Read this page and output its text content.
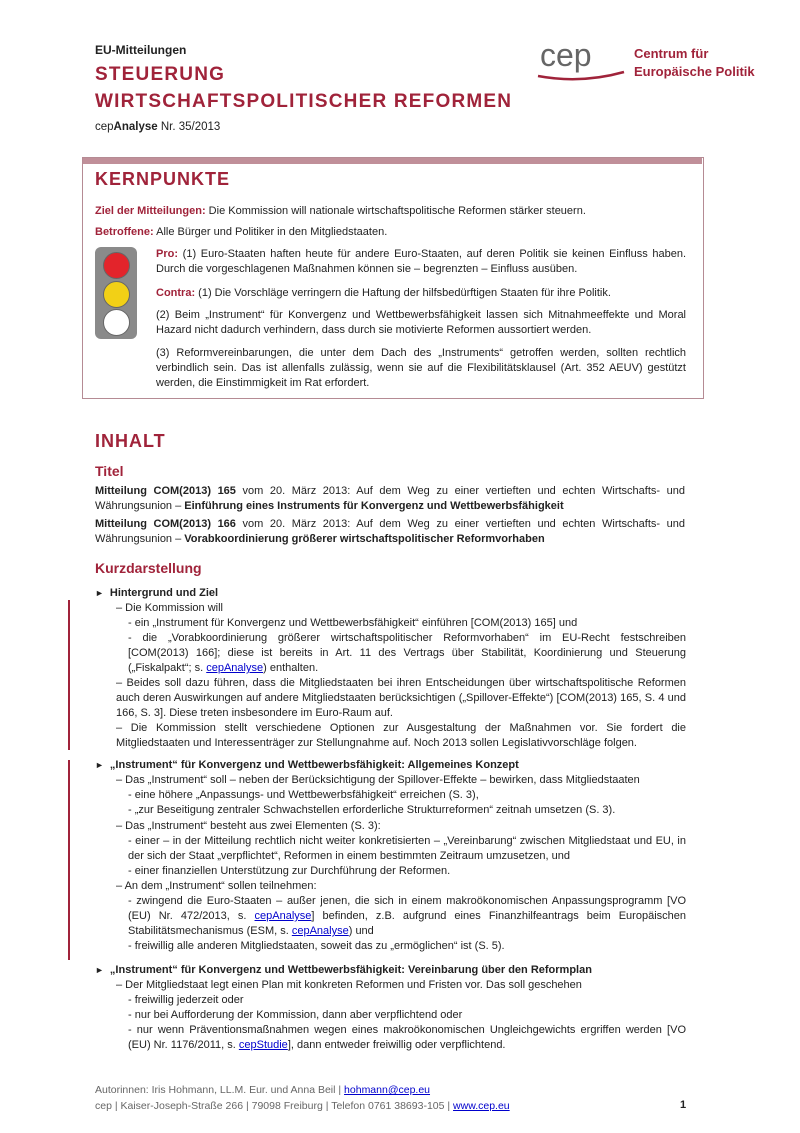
EU-Mitteilungen
STEUERUNG
WIRTSCHAFTSPOLITISCHER REFORMEN
cepAnalyse Nr. 35/2013
cep	Centrum für
Europäische Politik
KERNPUNKTE
Ziel der Mitteilungen: Die Kommission will nationale wirtschaftspolitische Reformen stärker steuern.
Betroffene: Alle Bürger und Politiker in den Mitgliedstaaten.
Pro: (1) Euro-Staaten haften heute für andere Euro-Staaten, auf deren Politik sie keinen Einfluss haben. Durch die vorgeschlagenen Maßnahmen können sie – begrenzten – Einfluss ausüben.
Contra: (1) Die Vorschläge verringern die Haftung der hilfsbedürftigen Staaten für ihre Politik.
(2) Beim „Instrument“ für Konvergenz und Wettbewerbsfähigkeit lassen sich Mitnahmeeffekte und Moral Hazard nicht dadurch verhindern, dass durch sie motivierte Reformen aussortiert werden.
(3) Reformvereinbarungen, die unter dem Dach des „Instruments“ getroffen werden, sollten rechtlich verbindlich sein. Das ist allenfalls zulässig, wenn sie auf die Flexibilitätsklausel (Art. 352 AEUV) gestützt werden, die Einstimmigkeit im Rat erfordert.
INHALT
Titel
Mitteilung COM(2013) 165 vom 20. März 2013: Auf dem Weg zu einer vertieften und echten Wirtschafts- und Währungsunion – Einführung eines Instruments für Konvergenz und Wettbewerbsfähigkeit
Mitteilung COM(2013) 166 vom 20. März 2013: Auf dem Weg zu einer vertieften und echten Wirtschafts- und Währungsunion – Vorabkoordinierung größerer wirtschaftspolitischer Reformvorhaben
Kurzdarstellung
► Hintergrund und Ziel
– Die Kommission will
- ein „Instrument für Konvergenz und Wettbewerbsfähigkeit“ einführen [COM(2013) 165] und
- die „Vorabkoordinierung größerer wirtschaftspolitischer Reformvorhaben“ im EU-Recht festschreiben [COM(2013) 166]; diese ist bereits in Art. 11 des Vertrags über Stabilität, Koordinierung und Steuerung („Fiskalpakt“; s. cepAnalyse) enthalten.
– Beides soll dazu führen, dass die Mitgliedstaaten bei ihren Entscheidungen über wirtschaftspolitische Reformen auch deren Auswirkungen auf andere Mitgliedstaaten berücksichtigen („Spillover-Effekte“) [COM(2013) 165, S. 4 und 166, S. 3]. Diese treten insbesondere im Euro-Raum auf.
– Die Kommission stellt verschiedene Optionen zur Ausgestaltung der Maßnahmen vor. Sie fordert die Mitgliedstaaten und Interessenträger zur Stellungnahme auf. Noch 2013 sollen Legislativvorschläge folgen.
► „Instrument“ für Konvergenz und Wettbewerbsfähigkeit: Allgemeines Konzept
– Das „Instrument“ soll – neben der Berücksichtigung der Spillover-Effekte – bewirken, dass Mitgliedstaaten
- eine höhere „Anpassungs- und Wettbewerbsfähigkeit“ erreichen (S. 3),
- „zur Beseitigung zentraler Schwachstellen erforderliche Strukturreformen“ zeitnah umsetzen (S. 3).
– Das „Instrument“ besteht aus zwei Elementen (S. 3):
- einer – in der Mitteilung rechtlich nicht weiter konkretisierten – „Vereinbarung“ zwischen Mitgliedstaat und EU, in der sich der Staat „verpflichtet“, Reformen in einem bestimmten Zeitraum umzusetzen, und
- einer finanziellen Unterstützung zur Durchführung der Reformen.
– An dem „Instrument“ sollen teilnehmen:
- zwingend die Euro-Staaten – außer jenen, die sich in einem makroökonomischen Anpassungsprogramm [VO (EU) Nr. 472/2013, s. cepAnalyse] befinden, z.B. aufgrund eines Finanzhilfeantrags beim Europäischen Stabilitätsmechanismus (ESM, s. cepAnalyse) und
- freiwillig alle anderen Mitgliedstaaten, soweit das zu „ermöglichen“ ist (S. 5).
► „Instrument“ für Konvergenz und Wettbewerbsfähigkeit: Vereinbarung über den Reformplan
– Der Mitgliedstaat legt einen Plan mit konkreten Reformen und Fristen vor. Das soll geschehen
- freiwillig jederzeit oder
- nur bei Aufforderung der Kommission, dann aber verpflichtend oder
- nur wenn Präventionsmaßnahmen wegen eines makroökonomischen Ungleichgewichts ergriffen werden [VO (EU) Nr. 1176/2011, s. cepStudie], dann entweder freiwillig oder verpflichtend.
Autorinnen: Iris Hohmann, LL.M. Eur. und Anna Beil | hohmann@cep.eu
cep | Kaiser-Joseph-Straße 266 | 79098 Freiburg | Telefon 0761 38693-105 | www.cep.eu	1
